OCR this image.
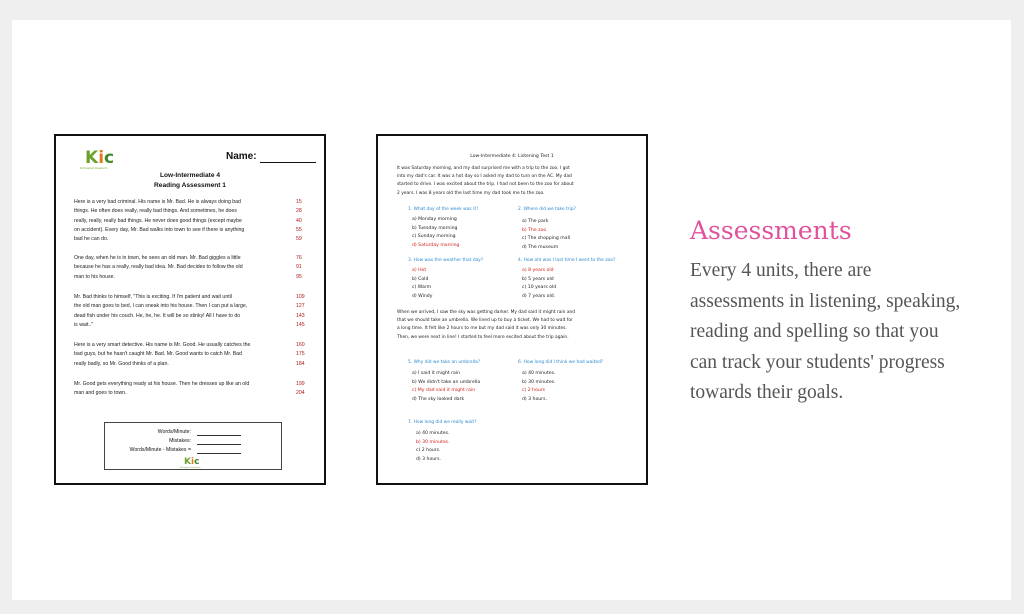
Kic
Kid Inspired Classroom
Name:
Low-Intermediate 4
Reading Assessment 1
Here is a very bad criminal. His name is Mr. Bad. He is always doing bad	15
things. He often does really, really bad things. And sometimes, he does	28
really, really, really bad things. He never does good things (except maybe	40
on accident). Every day, Mr. Bad walks into town to see if there is anything	55
bad he can do.	59
One day, when he is in town, he sees an old man. Mr. Bad giggles a little	76
because he has a really, really bad idea. Mr. Bad decides to follow the old	91
man to his house.	95
Mr. Bad thinks to himself, "This is exciting. If I'm patient and wait until	109
the old man goes to bed, I can sneak into his house. Then I can put a large,	127
dead fish under his couch. He, he, he. It will be so stinky! All I have to do	143
is wait.."	145
Here is a very smart detective. His name is Mr. Good. He usually catches the	160
bad guys, but he hasn't caught Mr. Bad. Mr. Good wants to catch Mr. Bad	175
really badly, so Mr. Good thinks of a plan.	184
Mr. Good gets everything ready at his house. Then he dresses up like an old	199
man and goes to town.	204
Words/Minute:
Mistakes:
Words/Minute - Mistakes =
Kic
Kid Inspired Classroom
Low-Intermediate 4: Listening Test 1
It was Saturday morning, and my dad surprised me with a trip to the zoo. I got
into my dad's car. It was a hot day so I asked my dad to turn on the AC. My dad
started to drive. I was excited about the trip. I had not been to the zoo for about
2 years. I was 8 years old the last time my dad took me to the zoo.
When we arrived, I saw the sky was getting darker. My dad said it might rain and
that we should take an umbrella. We lined up to buy a ticket. We had to wait for
a long time. It felt like 2 hours to me but my dad said it was only 30 minutes.
Then, we were next in line! I started to feel more excited about the trip again.
1. What day of the week was it?
a) Monday morning
b) Tuesday morning
c) Sunday morning
d) Saturday morning
2. Where did we take trip?
a) The park
b) The zoo
c) The shopping mall
d) The museum
3. How was the weather that day?
a) Hot
b) Cold
c) Warm
d) Windy
4. How old was I last time I went to the zoo?
a) 8 years old
b) 5 years old
c) 10 years old
d) 7 years old.
5. Why did we take an umbrella?
a) I said it might rain
b) We didn't take an umbrella
c) My dad said it might rain
d) The sky looked dark
6. How long did I think we had waited?
a) 40 minutes.
b) 30 minutes.
c) 2 hours
d) 3 hours.
7. How long did we really wait?
a) 40 minutes.
b) 30 minutes.
c) 2 hours.
d) 3 hours.
Assessments
Every 4 units, there are
assessments in listening, speaking,
reading and spelling so that you
can track your students' progress
towards their goals.
